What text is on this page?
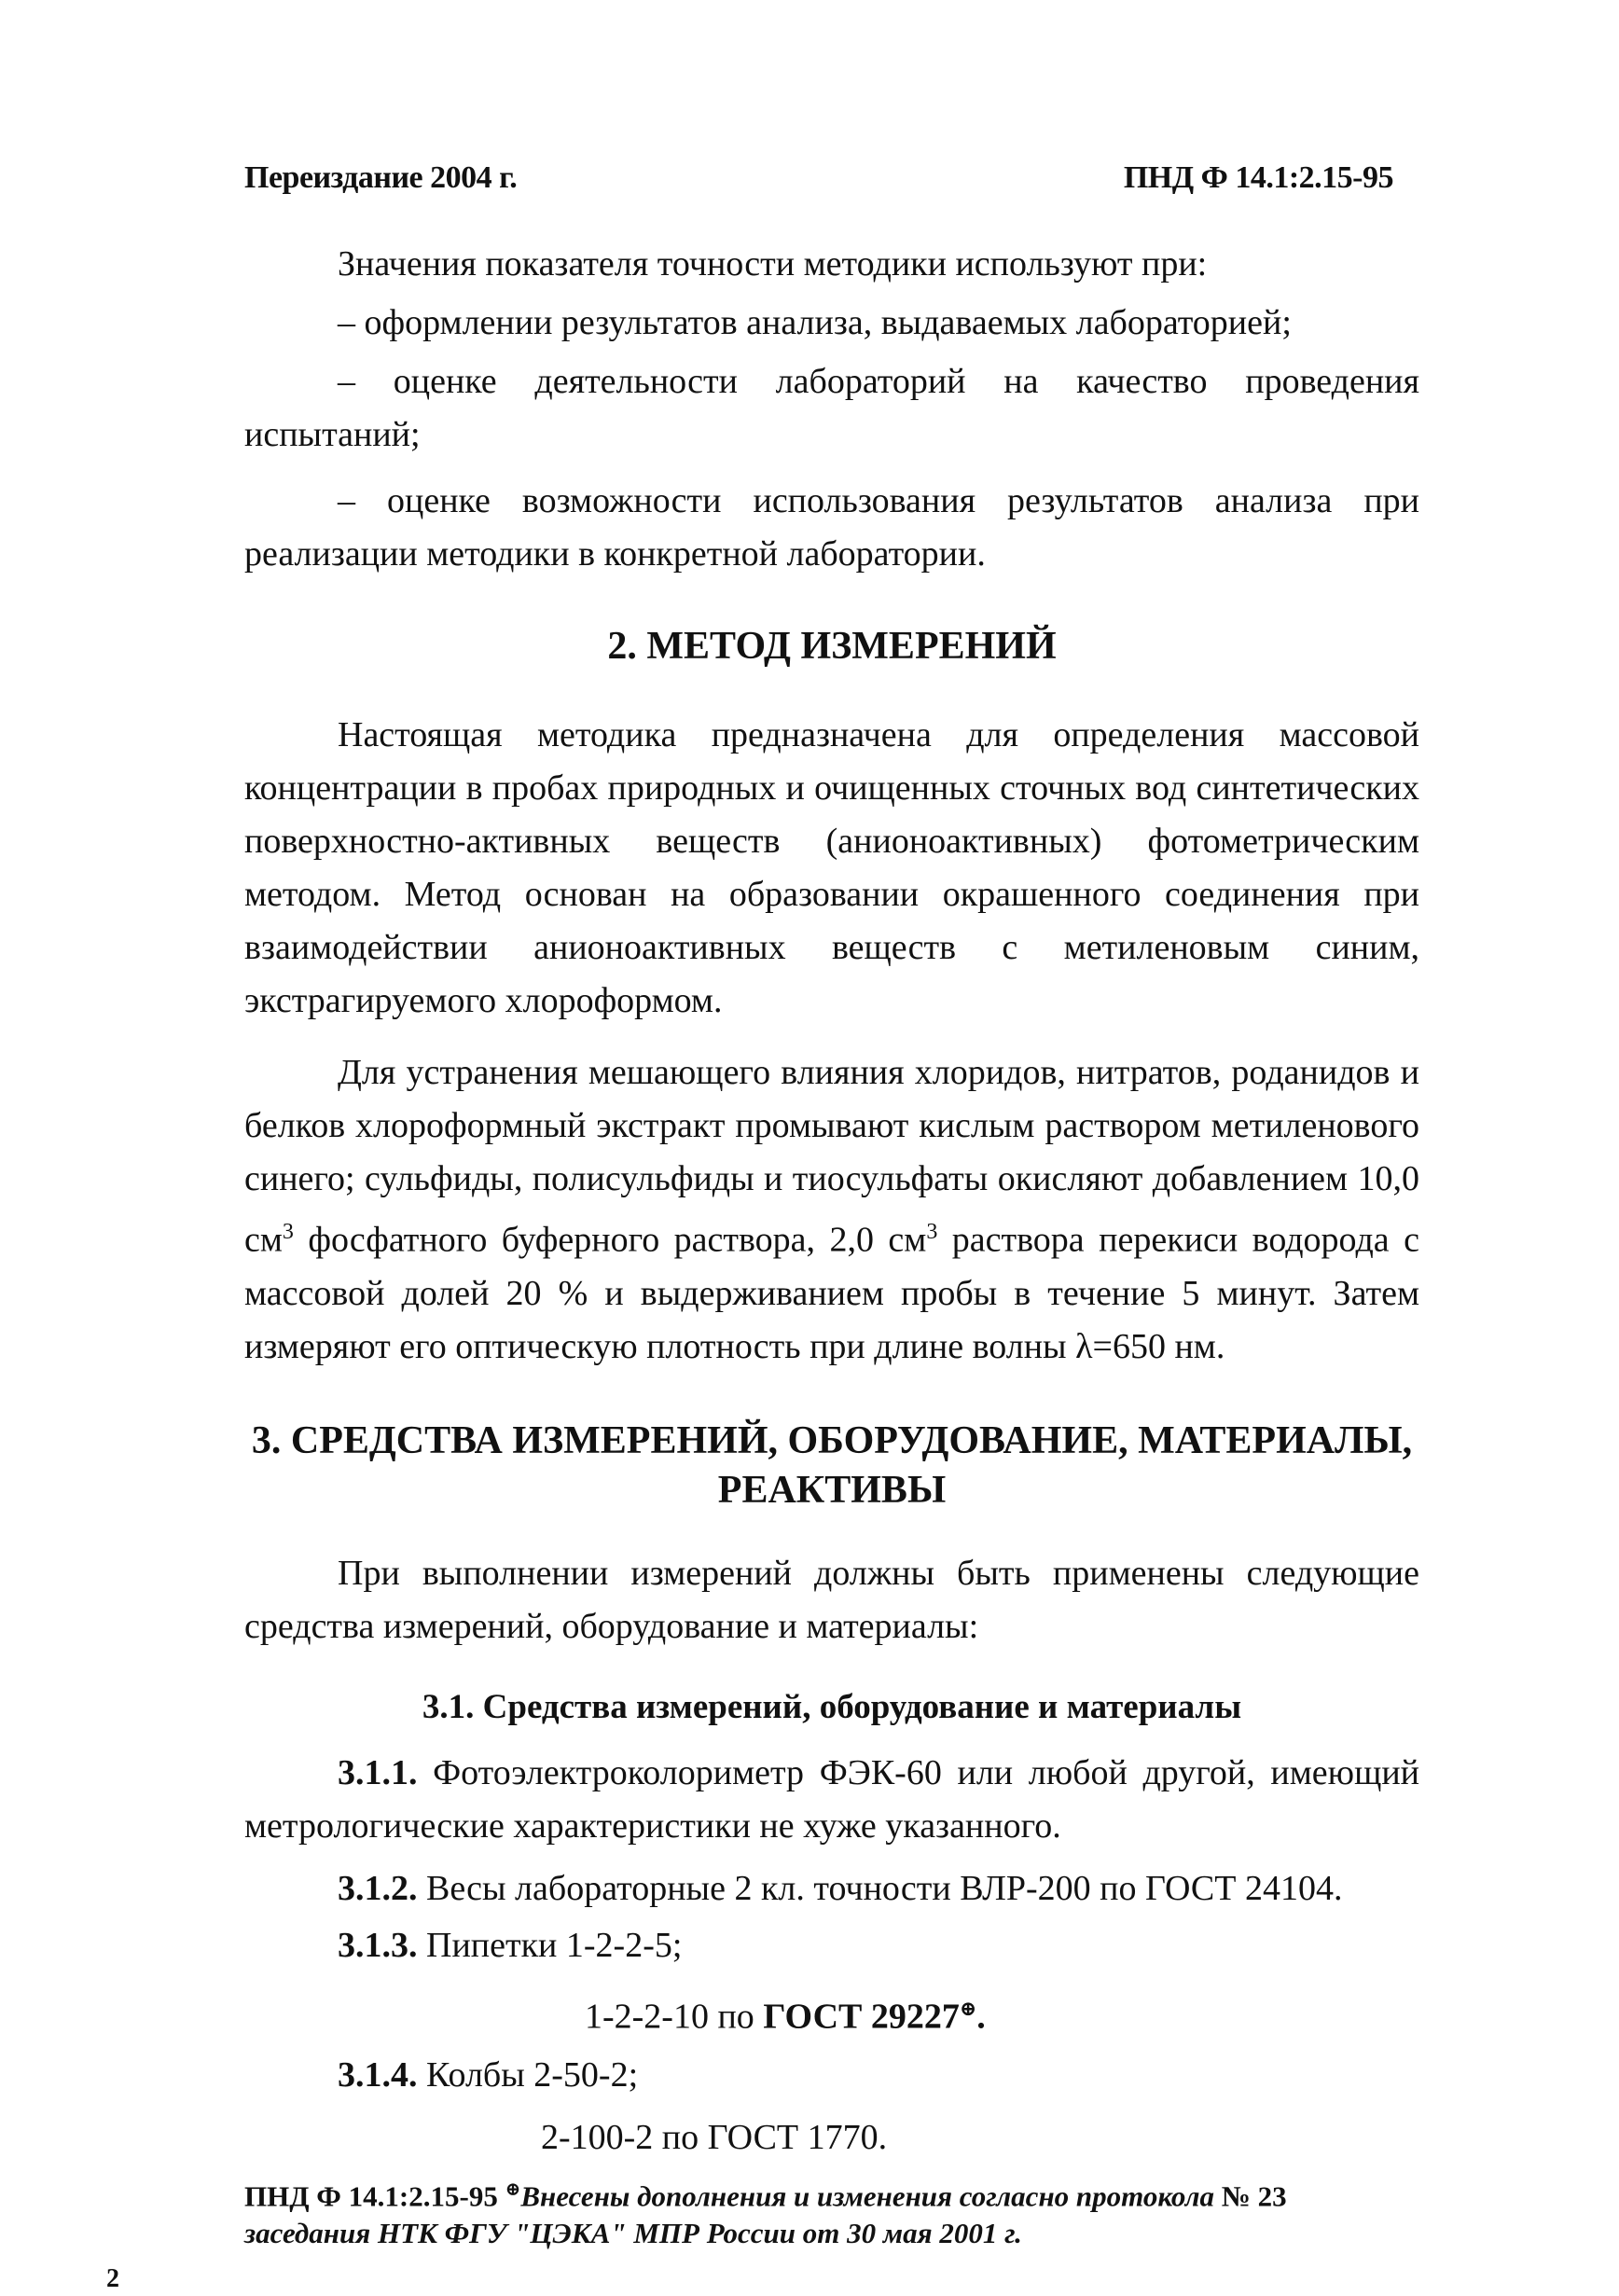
Переиздание 2004 г.	ПНД Ф 14.1:2.15-95

Значения показателя точности методики используют при:

– оформлении результатов анализа, выдаваемых лабораторией;

– оценке деятельности лабораторий на качество проведения испытаний;

– оценке возможности использования результатов анализа при реализации методики в конкретной лаборатории.

2. МЕТОД ИЗМЕРЕНИЙ

Настоящая методика предназначена для определения массовой концентрации в пробах природных и очищенных сточных вод синтетических поверхностно-активных веществ (анионоактивных) фотометрическим методом. Метод основан на образовании окрашенного соединения при взаимодействии анионоактивных веществ с метиленовым синим, экстрагируемого хлороформом.

Для устранения мешающего влияния хлоридов, нитратов, роданидов и белков хлороформный экстракт промывают кислым раствором метиленового синего; сульфиды, полисульфиды и тиосульфаты окисляют добавлением 10,0 $см^3$ фосфатного буферного раствора, 2,0 $см^3$ раствора перекиси водорода с массовой долей 20 % и выдерживанием пробы в течение 5 минут. Затем измеряют его оптическую плотность при длине волны λ=650 нм.

3. СРЕДСТВА ИЗМЕРЕНИЙ, ОБОРУДОВАНИЕ, МАТЕРИАЛЫ,
РЕАКТИВЫ

При выполнении измерений должны быть применены следующие средства измерений, оборудование и материалы:

3.1. Средства измерений, оборудование и материалы

3.1.1. Фотоэлектроколориметр ФЭК-60 или любой другой, имеющий метрологические характеристики не хуже указанного.

3.1.2. Весы лабораторные 2 кл. точности ВЛР-200 по ГОСТ 24104.

3.1.3. Пипетки 1-2-2-5;

1-2-2-10 по ГОСТ 29227⊕.

3.1.4. Колбы 2-50-2;

2-100-2 по ГОСТ 1770.
ПНД Ф 14.1:2.15-95 ⊕Внесены дополнения и изменения согласно протокола № 23 заседания НТК ФГУ "ЦЭКА" МПР России от 30 мая 2001 г.
2
